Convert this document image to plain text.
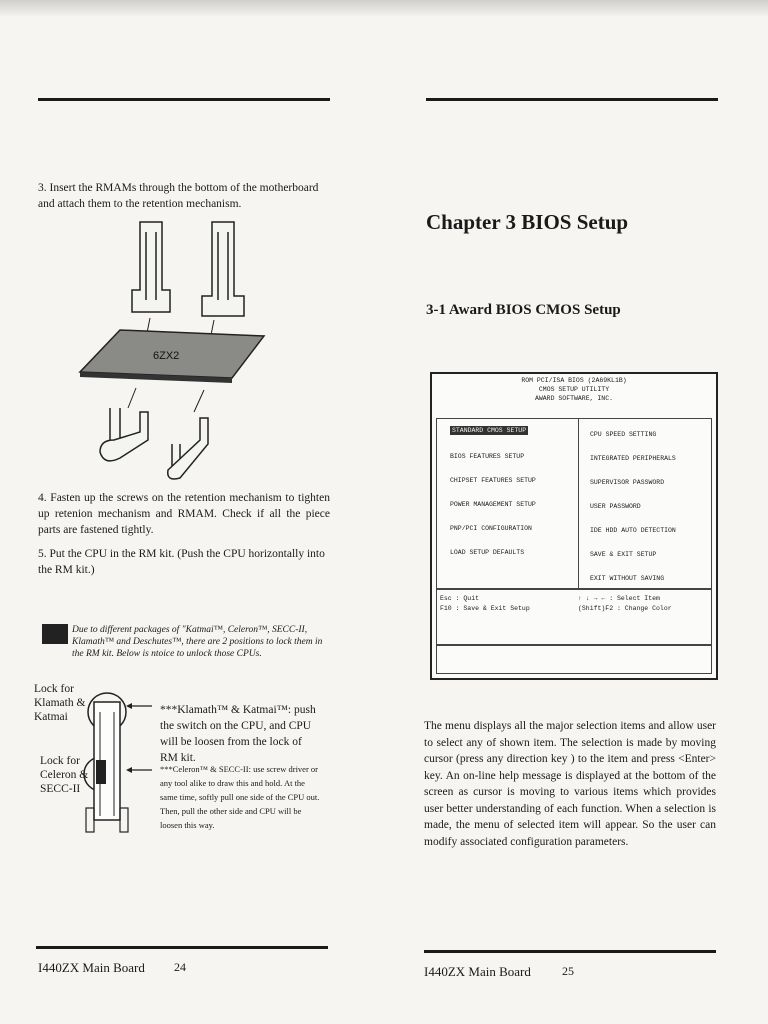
3. Insert the RMAMs through the bottom of the motherboard and attach them to the retention mechanism.
6ZX2
4. Fasten up the screws on the retention mechanism to tighten up retenion mechanism and RMAM. Check if all the piece parts are fastened tightly.
5. Put the CPU in the RM kit. (Push the CPU horizontally into the RM kit.)
Due to different packages of "Katmai™, Celeron™, SECC-II, Klamath™ and Deschutes™, there are 2 positions to lock them in the RM kit. Below is ntoice to unlock those CPUs.
Lock for Klamath & Katmai
Lock for Celeron & SECC-II
***Klamath™ & Katmai™: push the switch on the CPU, and CPU will be loosen from the lock of RM kit.
***Celeron™ & SECC-II: use screw driver or any tool alike to draw this and hold. At the same time, softly pull one side of the CPU out. Then, pull the other side and CPU will be loosen this way.
I440ZX Main Board 24
Chapter 3 BIOS Setup
3-1 Award BIOS CMOS Setup
ROM PCI/ISA BIOS (2A69KL1B)
CMOS SETUP UTILITY
AWARD SOFTWARE, INC.
STANDARD CMOS SETUP
BIOS FEATURES SETUP
CHIPSET FEATURES SETUP
POWER MANAGEMENT SETUP
PNP/PCI CONFIGURATION
LOAD SETUP DEFAULTS
CPU SPEED SETTING
INTEGRATED PERIPHERALS
SUPERVISOR PASSWORD
USER PASSWORD
IDE HDD AUTO DETECTION
SAVE & EXIT SETUP
EXIT WITHOUT SAVING
Esc : Quit
F10 : Save & Exit Setup
↑ ↓ → ← : Select Item
(Shift)F2 : Change Color
The menu displays all the major selection items and allow user to select any of shown item. The selection is made by moving cursor (press any direction key ) to the item and press <Enter> key. An on-line help message is displayed at the bottom of the screen as cursor is moving to various items which provides user better understanding of each function. When a selection is made, the menu of selected item will appear. So the user can modify associated configuration parameters.
I440ZX Main Board	25
